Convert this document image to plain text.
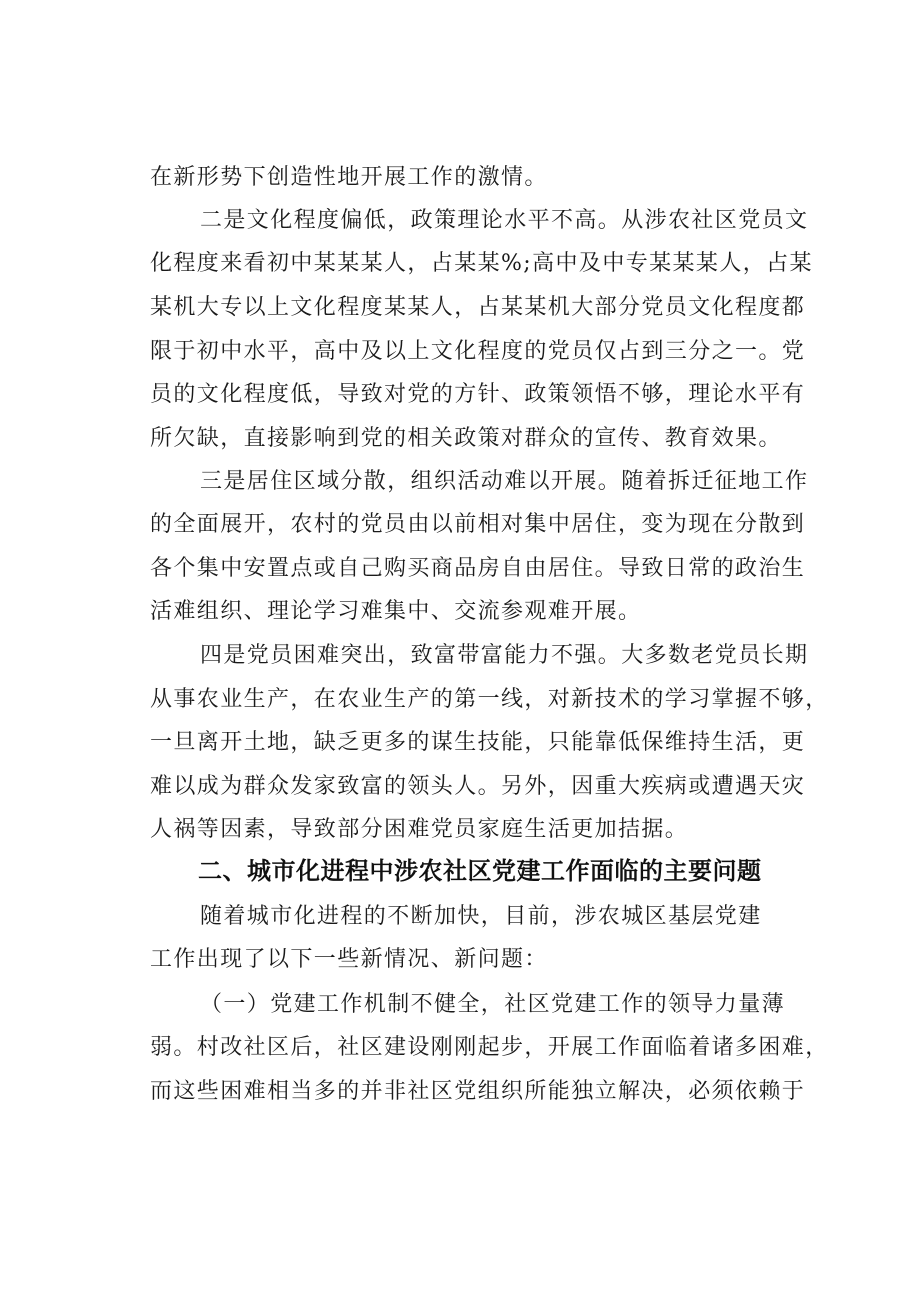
在新形势下创造性地开展工作的激情。
二是文化程度偏低，政策理论水平不高。从涉农社区党员文
化程度来看初中某某某人，占某某%;高中及中专某某某人，占某
某机大专以上文化程度某某人，占某某机大部分党员文化程度都
限于初中水平，高中及以上文化程度的党员仅占到三分之一。党
员的文化程度低，导致对党的方针、政策领悟不够，理论水平有
所欠缺，直接影响到党的相关政策对群众的宣传、教育效果。
三是居住区域分散，组织活动难以开展。随着拆迁征地工作
的全面展开，农村的党员由以前相对集中居住，变为现在分散到
各个集中安置点或自己购买商品房自由居住。导致日常的政治生
活难组织、理论学习难集中、交流参观难开展。
四是党员困难突出，致富带富能力不强。大多数老党员长期
从事农业生产，在农业生产的第一线，对新技术的学习掌握不够，
一旦离开土地，缺乏更多的谋生技能，只能靠低保维持生活，更
难以成为群众发家致富的领头人。另外，因重大疾病或遭遇天灾
人祸等因素，导致部分困难党员家庭生活更加拮据。
二、城市化进程中涉农社区党建工作面临的主要问题
随着城市化进程的不断加快，目前，涉农城区基层党建
工作出现了以下一些新情况、新问题：
（一）党建工作机制不健全，社区党建工作的领导力量薄
弱。村改社区后，社区建设刚刚起步，开展工作面临着诸多困难，
而这些困难相当多的并非社区党组织所能独立解决，必须依赖于
